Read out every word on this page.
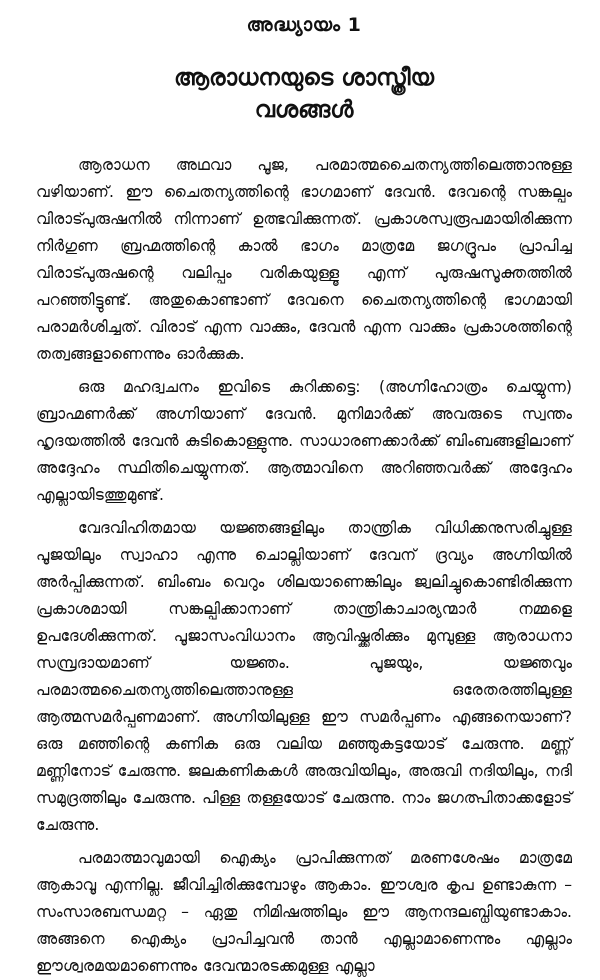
അദ്ധ്യായം 1
ആരാധനയുടെ ശാസ്ത്രീയ
വശങ്ങൾ

ആരാധന അഥവാ പൂജ, പരമാത്മചൈതന്യത്തിലെത്താനുള്ള വഴിയാണ്. ഈ ചൈതന്യത്തിന്റെ ഭാഗമാണ് ദേവൻ. ദേവന്റെ സങ്കല്പം വിരാട്പുരുഷനിൽ നിന്നാണ് ഉത്ഭവിക്കുന്നത്. പ്രകാശസ്വരൂപമായിരിക്കുന്ന നിർഗുണ ബ്രഹ്മത്തിന്റെ കാൽ ഭാഗം മാത്രമേ ജഗദ്രൂപം പ്രാപിച്ച വിരാട്പുരുഷന്റെ വലിപ്പം വരികയുള്ളൂ എന്ന് പുരുഷസൂക്തത്തിൽ പറഞ്ഞിട്ടുണ്ട്. അതുകൊണ്ടാണ് ദേവനെ ചൈതന്യത്തിന്റെ ഭാഗമായി പരാമർശിച്ചത്. വിരാട് എന്ന വാക്കും, ദേവൻ എന്ന വാക്കും പ്രകാശത്തിന്റെ തത്വങ്ങളാണെന്നും ഓർക്കുക.

ഒരു മഹദ്വചനം ഇവിടെ കുറിക്കട്ടെ: (അഗ്നിഹോത്രം ചെയ്യുന്ന) ബ്രാഹ്മണർക്ക് അഗ്നിയാണ് ദേവൻ. മുനിമാർക്ക് അവരുടെ സ്വന്തം ഹൃദയത്തിൽ ദേവൻ കുടികൊള്ളുന്നു. സാധാരണക്കാർക്ക് ബിംബങ്ങളിലാണ് അദ്ദേഹം സ്ഥിതിചെയ്യുന്നത്. ആത്മാവിനെ അറിഞ്ഞവർക്ക് അദ്ദേഹം എല്ലായിടത്തുമുണ്ട്.

വേദവിഹിതമായ യജ്ഞങ്ങളിലും താന്ത്രിക വിധിക്കനുസരിച്ചുള്ള പൂജയിലും സ്വാഹാ എന്നു ചൊല്ലിയാണ് ദേവന് ദ്രവ്യം അഗ്നിയിൽ അർപ്പിക്കുന്നത്. ബിംബം വെറും ശിലയാണെങ്കിലും ജ്വലിച്ചുകൊണ്ടിരിക്കുന്ന പ്രകാശമായി സങ്കല്പിക്കാനാണ് താന്ത്രികാചാര്യന്മാർ നമ്മളെ ഉപദേശിക്കുന്നത്. പൂജാസംവിധാനം ആവിഷ്ക്കരിക്കും മുമ്പുള്ള ആരാധനാ സമ്പ്രദായമാണ് യജ്ഞം. പൂജയും, യജ്ഞവും പരമാത്മചൈതന്യത്തിലെത്താനുള്ള ഒരേതരത്തിലുള്ള ആത്മസമർപ്പണമാണ്. അഗ്നിയിലുള്ള ഈ സമർപ്പണം എങ്ങനെയാണ്? ഒരു മഞ്ഞിന്റെ കണിക ഒരു വലിയ മഞ്ഞുകട്ടയോട് ചേരുന്നു. മണ്ണ് മണ്ണിനോട് ചേരുന്നു. ജലകണികകൾ അരുവിയിലും, അരുവി നദിയിലും, നദി സമുദ്രത്തിലും ചേരുന്നു. പിള്ള തള്ളയോട് ചേരുന്നു. നാം ജഗത്പിതാക്കളോട് ചേരുന്നു.

പരമാത്മാവുമായി ഐക്യം പ്രാപിക്കുന്നത് മരണശേഷം മാത്രമേ ആകാവൂ എന്നില്ല. ജീവിച്ചിരിക്കുമ്പോഴും ആകാം. ഈശ്വര കൃപ ഉണ്ടാകുന്ന – സംസാരബന്ധമറ്റ – ഏതു നിമിഷത്തിലും ഈ ആനന്ദലബ്ധിയുണ്ടാകാം. അങ്ങനെ ഐക്യം പ്രാപിച്ചവൻ താൻ എല്ലാമാണെന്നും എല്ലാം ഈശ്വരമയമാണെന്നും ദേവന്മാരടക്കമുള്ള എല്ലാ
